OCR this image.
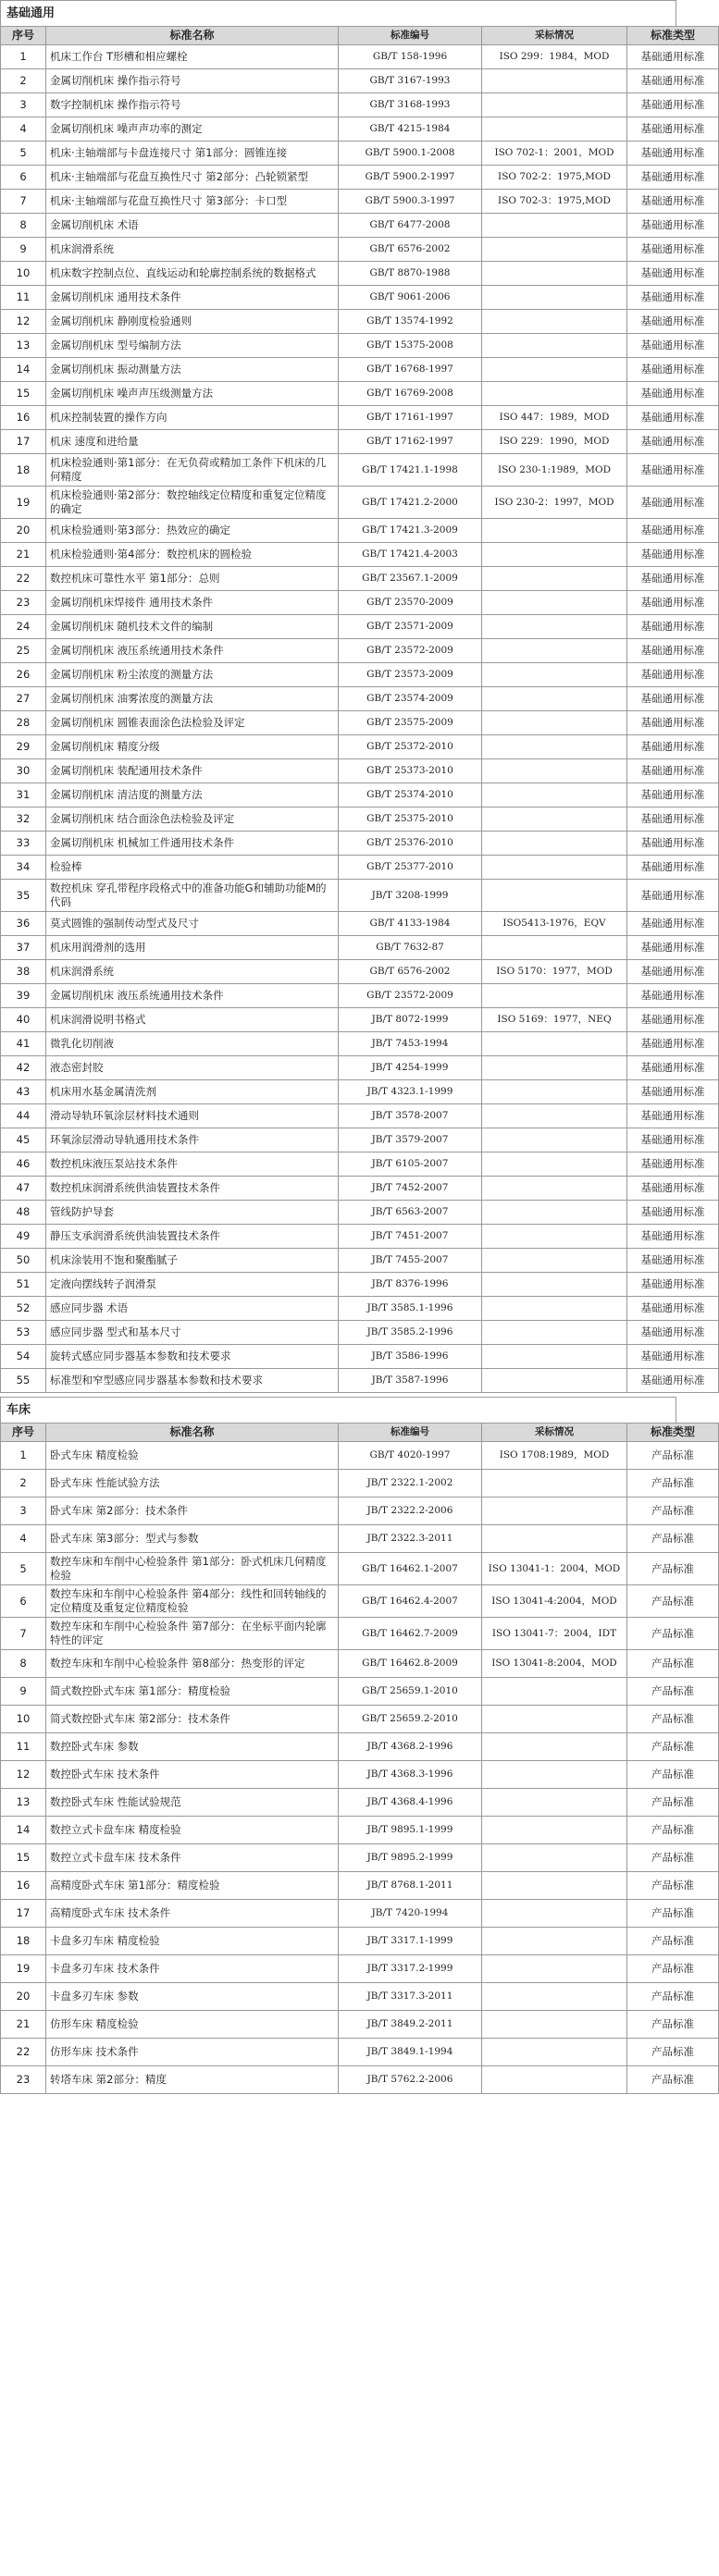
基础通用
序号	标准名称	标准编号	采标情况	标准类型
1	机床工作台 T形槽和相应螺栓	GB/T 158-1996	ISO 299：1984，MOD	基础通用标准
2	金属切削机床 操作指示符号	GB/T 3167-1993		基础通用标准
3	数字控制机床 操作指示符号	GB/T 3168-1993		基础通用标准
4	金属切削机床 噪声声功率的测定	GB/T 4215-1984		基础通用标准
5	机床·主轴端部与卡盘连接尺寸 第1部分：圆锥连接	GB/T 5900.1-2008	ISO 702-1：2001，MOD	基础通用标准
6	机床·主轴端部与花盘互换性尺寸 第2部分：凸轮锁紧型	GB/T 5900.2-1997	ISO 702-2：1975,MOD	基础通用标准
7	机床·主轴端部与花盘互换性尺寸 第3部分：卡口型	GB/T 5900.3-1997	ISO 702-3：1975,MOD	基础通用标准
8	金属切削机床 术语	GB/T 6477-2008		基础通用标准
9	机床润滑系统	GB/T 6576-2002		基础通用标准
10	机床数字控制点位、直线运动和轮廓控制系统的数据格式	GB/T 8870-1988		基础通用标准
11	金属切削机床 通用技术条件	GB/T 9061-2006		基础通用标准
12	金属切削机床 静刚度检验通则	GB/T 13574-1992		基础通用标准
13	金属切削机床 型号编制方法	GB/T 15375-2008		基础通用标准
14	金属切削机床 振动测量方法	GB/T 16768-1997		基础通用标准
15	金属切削机床 噪声声压级测量方法	GB/T 16769-2008		基础通用标准
16	机床控制装置的操作方向	GB/T 17161-1997	ISO 447：1989，MOD	基础通用标准
17	机床 速度和进给量	GB/T 17162-1997	ISO 229：1990，MOD	基础通用标准
18	机床检验通则·第1部分：在无负荷或精加工条件下机床的几何精度	GB/T 17421.1-1998	ISO 230-1:1989，MOD	基础通用标准
19	机床检验通则·第2部分：数控轴线定位精度和重复定位精度的确定	GB/T 17421.2-2000	ISO 230-2：1997，MOD	基础通用标准
20	机床检验通则·第3部分：热效应的确定	GB/T 17421.3-2009		基础通用标准
21	机床检验通则·第4部分：数控机床的圆检验	GB/T 17421.4-2003		基础通用标准
22	数控机床可靠性水平 第1部分：总则	GB/T 23567.1-2009		基础通用标准
23	金属切削机床焊接件 通用技术条件	GB/T 23570-2009		基础通用标准
24	金属切削机床 随机技术文件的编制	GB/T 23571-2009		基础通用标准
25	金属切削机床 液压系统通用技术条件	GB/T 23572-2009		基础通用标准
26	金属切削机床 粉尘浓度的测量方法	GB/T 23573-2009		基础通用标准
27	金属切削机床 油雾浓度的测量方法	GB/T 23574-2009		基础通用标准
28	金属切削机床 圆锥表面涂色法检验及评定	GB/T 23575-2009		基础通用标准
29	金属切削机床 精度分级	GB/T 25372-2010		基础通用标准
30	金属切削机床 装配通用技术条件	GB/T 25373-2010		基础通用标准
31	金属切削机床 清洁度的测量方法	GB/T 25374-2010		基础通用标准
32	金属切削机床 结合面涂色法检验及评定	GB/T 25375-2010		基础通用标准
33	金属切削机床 机械加工件通用技术条件	GB/T 25376-2010		基础通用标准
34	检验棒	GB/T 25377-2010		基础通用标准
35	数控机床 穿孔带程序段格式中的准备功能G和辅助功能M的代码	JB/T 3208-1999		基础通用标准
36	莫式圆锥的强制传动型式及尺寸	GB/T 4133-1984	ISO5413-1976，EQV	基础通用标准
37	机床用润滑剂的选用	GB/T 7632-87		基础通用标准
38	机床润滑系统	GB/T 6576-2002	ISO 5170：1977，MOD	基础通用标准
39	金属切削机床 液压系统通用技术条件	GB/T 23572-2009		基础通用标准
40	机床润滑说明书格式	JB/T 8072-1999	ISO 5169：1977，NEQ	基础通用标准
41	微乳化切削液	JB/T 7453-1994		基础通用标准
42	液态密封胶	JB/T 4254-1999		基础通用标准
43	机床用水基金属清洗剂	JB/T 4323.1-1999		基础通用标准
44	滑动导轨环氧涂层材料技术通则	JB/T 3578-2007		基础通用标准
45	环氧涂层滑动导轨通用技术条件	JB/T 3579-2007		基础通用标准
46	数控机床液压泵站技术条件	JB/T 6105-2007		基础通用标准
47	数控机床润滑系统供油装置技术条件	JB/T 7452-2007		基础通用标准
48	管线防护导套	JB/T 6563-2007		基础通用标准
49	静压支承润滑系统供油装置技术条件	JB/T 7451-2007		基础通用标准
50	机床涂装用不饱和聚酯腻子	JB/T 7455-2007		基础通用标准
51	定液向摆线转子润滑泵	JB/T 8376-1996		基础通用标准
52	感应同步器 术语	JB/T 3585.1-1996		基础通用标准
53	感应同步器 型式和基本尺寸	JB/T 3585.2-1996		基础通用标准
54	旋转式感应同步器基本参数和技术要求	JB/T 3586-1996		基础通用标准
55	标准型和窄型感应同步器基本参数和技术要求	JB/T 3587-1996		基础通用标准
车床
序号	标准名称	标准编号	采标情况	标准类型
1	卧式车床 精度检验	GB/T 4020-1997	ISO 1708:1989，MOD	产品标准
2	卧式车床 性能试验方法	JB/T 2322.1-2002		产品标准
3	卧式车床 第2部分：技术条件	JB/T 2322.2-2006		产品标准
4	卧式车床 第3部分：型式与参数	JB/T 2322.3-2011		产品标准
5	数控车床和车削中心检验条件 第1部分：卧式机床几何精度检验	GB/T 16462.1-2007	ISO 13041-1：2004，MOD	产品标准
6	数控车床和车削中心检验条件 第4部分：线性和回转轴线的定位精度及重复定位精度检验	GB/T 16462.4-2007	ISO 13041-4:2004，MOD	产品标准
7	数控车床和车削中心检验条件 第7部分：在坐标平面内轮廓特性的评定	GB/T 16462.7-2009	ISO 13041-7：2004，IDT	产品标准
8	数控车床和车削中心检验条件 第8部分：热变形的评定	GB/T 16462.8-2009	ISO 13041-8:2004，MOD	产品标准
9	简式数控卧式车床 第1部分：精度检验	GB/T 25659.1-2010		产品标准
10	简式数控卧式车床 第2部分：技术条件	GB/T 25659.2-2010		产品标准
11	数控卧式车床 参数	JB/T 4368.2-1996		产品标准
12	数控卧式车床 技术条件	JB/T 4368.3-1996		产品标准
13	数控卧式车床 性能试验规范	JB/T 4368.4-1996		产品标准
14	数控立式卡盘车床 精度检验	JB/T 9895.1-1999		产品标准
15	数控立式卡盘车床 技术条件	JB/T 9895.2-1999		产品标准
16	高精度卧式车床 第1部分：精度检验	JB/T 8768.1-2011		产品标准
17	高精度卧式车床 技术条件	JB/T 7420-1994		产品标准
18	卡盘多刃车床 精度检验	JB/T 3317.1-1999		产品标准
19	卡盘多刃车床 技术条件	JB/T 3317.2-1999		产品标准
20	卡盘多刃车床 参数	JB/T 3317.3-2011		产品标准
21	仿形车床 精度检验	JB/T 3849.2-2011		产品标准
22	仿形车床 技术条件	JB/T 3849.1-1994		产品标准
23	转塔车床 第2部分：精度	JB/T 5762.2-2006		产品标准
